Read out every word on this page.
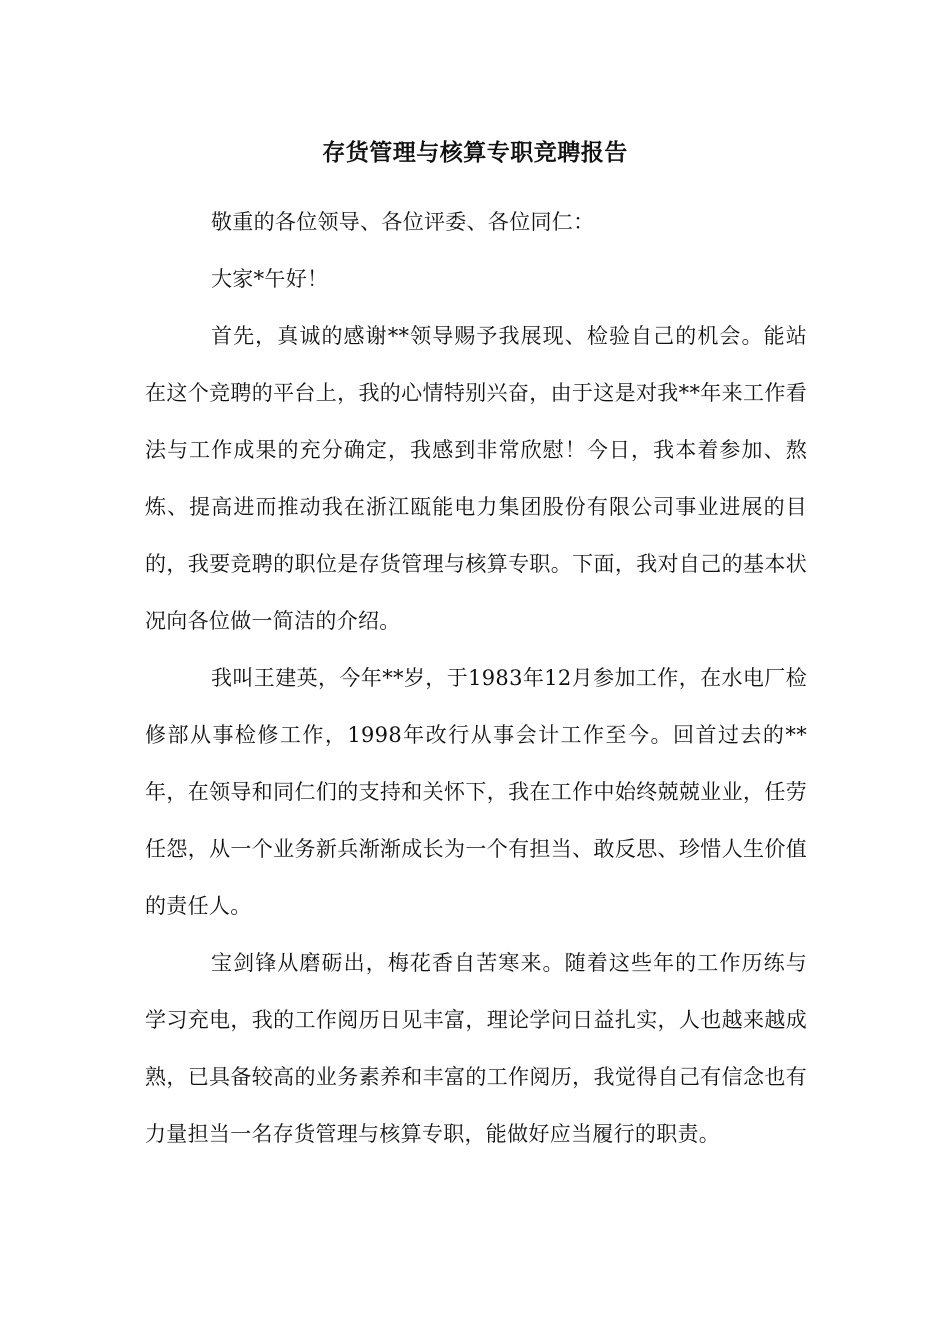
存货管理与核算专职竞聘报告

敬重的各位领导、各位评委、各位同仁：

大家*午好！

首先，真诚的感谢**领导赐予我展现、检验自己的机会。能站在这个竞聘的平台上，我的心情特别兴奋，由于这是对我**年来工作看法与工作成果的充分确定，我感到非常欣慰！今日，我本着参加、熬炼、提高进而推动我在浙江瓯能电力集团股份有限公司事业进展的目的，我要竞聘的职位是存货管理与核算专职。下面，我对自己的基本状况向各位做一简洁的介绍。

我叫王建英，今年**岁，于1983年12月参加工作，在水电厂检修部从事检修工作，1998年改行从事会计工作至今。回首过去的**年，在领导和同仁们的支持和关怀下，我在工作中始终兢兢业业，任劳任怨，从一个业务新兵渐渐成长为一个有担当、敢反思、珍惜人生价值的责任人。

宝剑锋从磨砺出，梅花香自苦寒来。随着这些年的工作历练与学习充电，我的工作阅历日见丰富，理论学问日益扎实，人也越来越成熟，已具备较高的业务素养和丰富的工作阅历，我觉得自己有信念也有力量担当一名存货管理与核算专职，能做好应当履行的职责。
